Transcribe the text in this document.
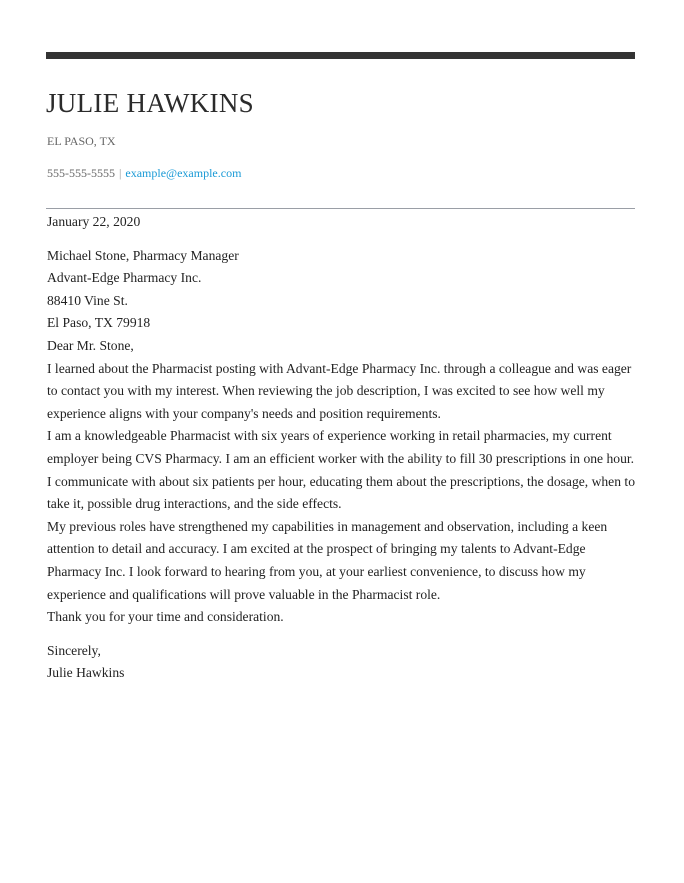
JULIE HAWKINS
EL PASO, TX
555-555-5555 | example@example.com

January 22, 2020

Michael Stone, Pharmacy Manager

Advant-Edge Pharmacy Inc.

88410 Vine St.

El Paso, TX 79918

Dear Mr. Stone,

I learned about the Pharmacist posting with Advant-Edge Pharmacy Inc. through a colleague and was eager to contact you with my interest. When reviewing the job description, I was excited to see how well my experience aligns with your company's needs and position requirements.

I am a knowledgeable Pharmacist with six years of experience working in retail pharmacies, my current employer being CVS Pharmacy. I am an efficient worker with the ability to fill 30 prescriptions in one hour. I communicate with about six patients per hour, educating them about the prescriptions, the dosage, when to take it, possible drug interactions, and the side effects.

My previous roles have strengthened my capabilities in management and observation, including a keen attention to detail and accuracy. I am excited at the prospect of bringing my talents to Advant-Edge Pharmacy Inc. I look forward to hearing from you, at your earliest convenience, to discuss how my experience and qualifications will prove valuable in the Pharmacist role.

Thank you for your time and consideration.

Sincerely,

Julie Hawkins
